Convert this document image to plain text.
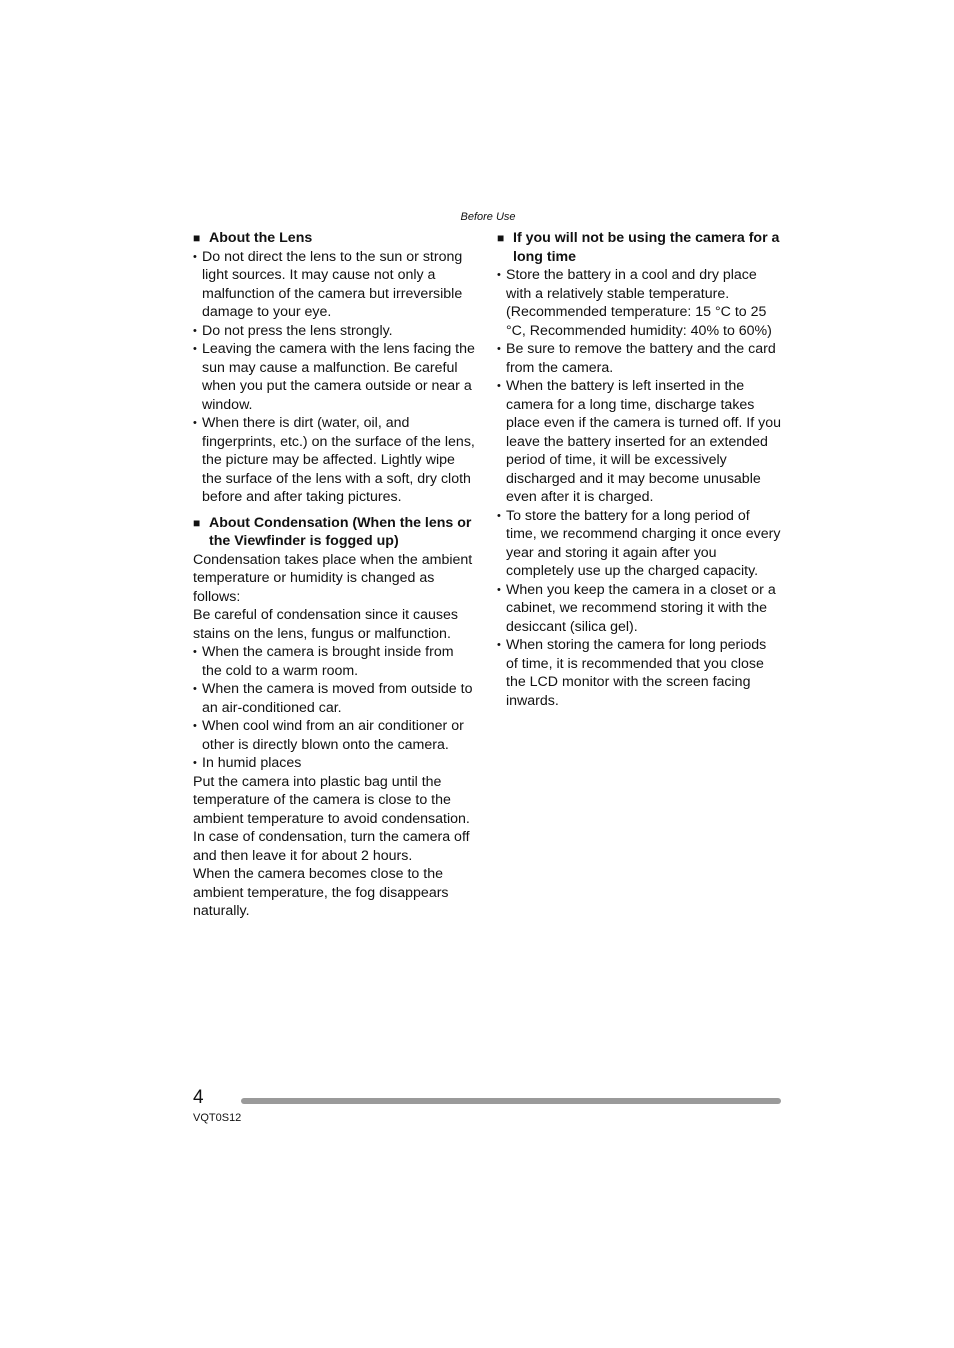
Before Use
■ About the Lens
• Do not direct the lens to the sun or strong light sources. It may cause not only a malfunction of the camera but irreversible damage to your eye.
• Do not press the lens strongly.
• Leaving the camera with the lens facing the sun may cause a malfunction. Be careful when you put the camera outside or near a window.
• When there is dirt (water, oil, and fingerprints, etc.) on the surface of the lens, the picture may be affected. Lightly wipe the surface of the lens with a soft, dry cloth before and after taking pictures.
■ About Condensation (When the lens or the Viewfinder is fogged up)

Condensation takes place when the ambient temperature or humidity is changed as follows:

Be careful of condensation since it causes stains on the lens, fungus or malfunction.

• When the camera is brought inside from the cold to a warm room.
• When the camera is moved from outside to an air-conditioned car.
• When cool wind from an air conditioner or other is directly blown onto the camera.
• In humid places

Put the camera into plastic bag until the temperature of the camera is close to the ambient temperature to avoid condensation. In case of condensation, turn the camera off and then leave it for about 2 hours.

When the camera becomes close to the ambient temperature, the fog disappears naturally.

■ If you will not be using the camera for a long time
• Store the battery in a cool and dry place with a relatively stable temperature. (Recommended temperature: 15 °C to 25 °C, Recommended humidity: 40% to 60%)
• Be sure to remove the battery and the card from the camera.
• When the battery is left inserted in the camera for a long time, discharge takes place even if the camera is turned off. If you leave the battery inserted for an extended period of time, it will be excessively discharged and it may become unusable even after it is charged.
• To store the battery for a long period of time, we recommend charging it once every year and storing it again after you completely use up the charged capacity.
• When you keep the camera in a closet or a cabinet, we recommend storing it with the desiccant (silica gel).
• When storing the camera for long periods of time, it is recommended that you close the LCD monitor with the screen facing inwards.
4
VQT0S12
